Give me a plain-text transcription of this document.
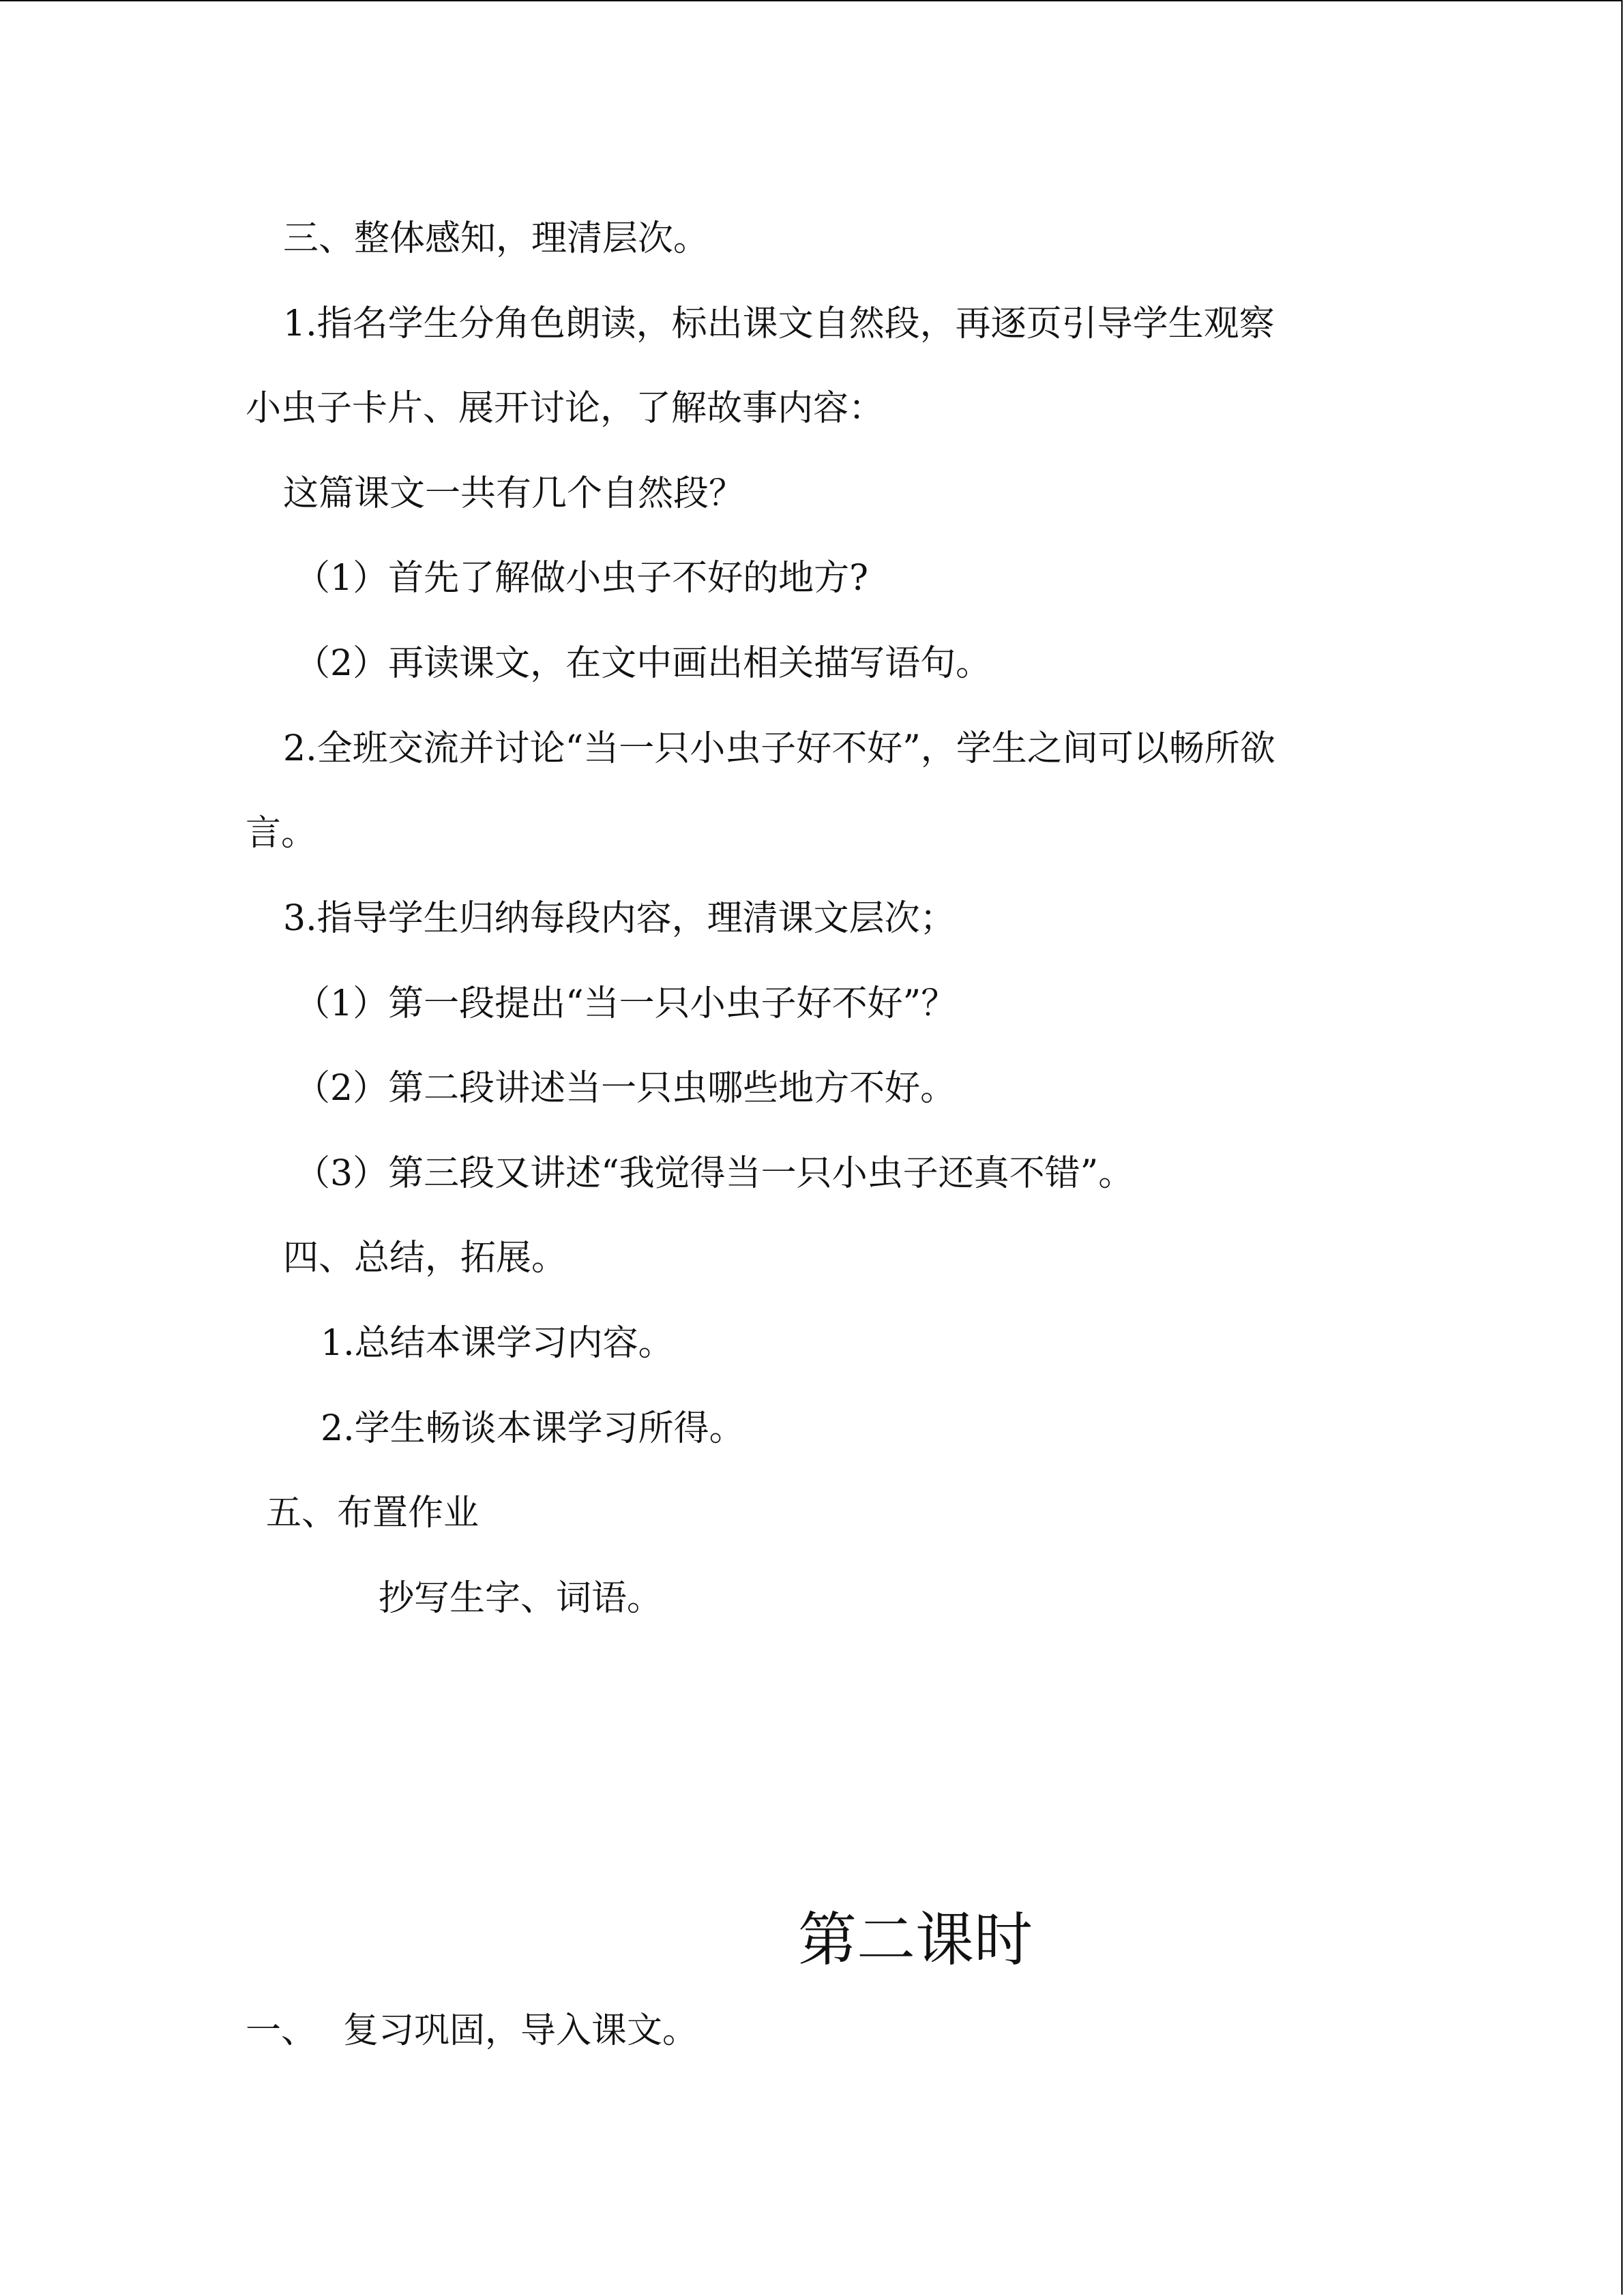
三、整体感知，理清层次。

1.指名学生分角色朗读，标出课文自然段，再逐页引导学生观察

小虫子卡片、展开讨论，了解故事内容：

这篇课文一共有几个自然段？

（1）首先了解做小虫子不好的地方?

（2）再读课文，在文中画出相关描写语句。

2.全班交流并讨论“当一只小虫子好不好”，学生之间可以畅所欲

言。

3.指导学生归纳每段内容，理清课文层次；

（1）第一段提出“当一只小虫子好不好”？

（2）第二段讲述当一只虫哪些地方不好。

（3）第三段又讲述“我觉得当一只小虫子还真不错”。

四、总结，拓展。

1.总结本课学习内容。

2.学生畅谈本课学习所得。

五、布置作业

抄写生字、词语。

第二课时

一、 复习巩固，导入课文。
